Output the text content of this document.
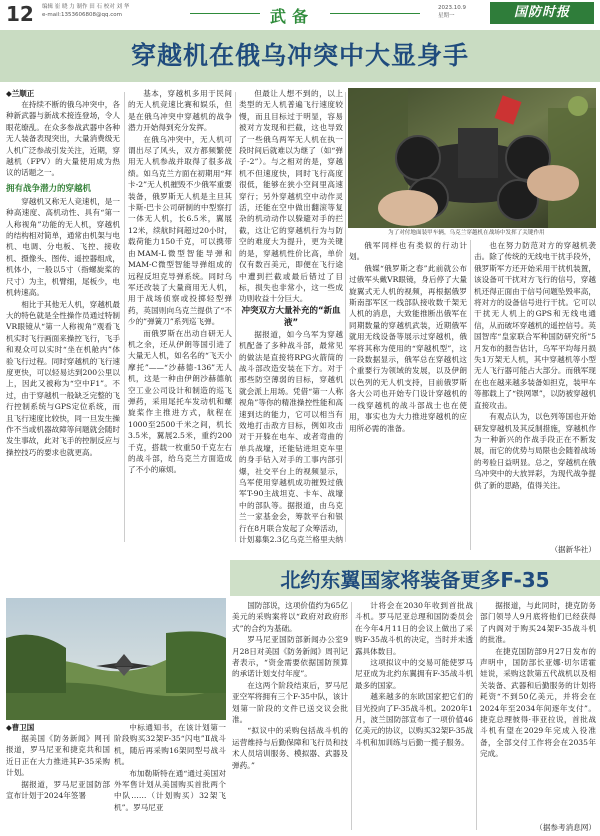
12 编辑 崔 晓 力 制作 田 石 校对 刘 华
e-mail:1353606808@qq.com	武备	2023.10.9
星期一	国防时报
穿越机在俄乌冲突中大显身手
◆兰顺正

在持续不断的俄乌冲突中，各种新武器与新战术接连登场，令人眼花缭乱。在众多参战武器中各种无人装备表现突出，大量消费级无人机广泛参战引发关注，近期，穿越机（FPV）的大量使用成为热议的话题之一。

拥有战争潜力的穿越机

穿越机又称无人竞速机，是一种高速度、高机动性、具有“第一人称视角”功能的无人机，穿越机的结构相对简单，通常由机架与电机、电调、分电板、飞控、接收机、摄像头、图传、遥控器组成，机体小，一般以5寸（指螺旋桨的尺寸）为主，机臂细，尾板少，电机转速高。

相比于其他无人机，穿越机最大的特色就是全性操作员通过特制VR眼镜从“第一人称视角”观看飞机实时飞行画面来操控飞行，飞手和观众可以实时“坐在机舱内”体验飞行过程。同时穿越机的飞行速度更快，可以轻易达到200公里以上，因此又被称为“空中F1”。不过，由于穿越机一般缺乏完整的飞行控制系统与GPS定位系统，而且飞行速度比较快，同一旦发生操作不当或机器故障等问题就会随时发生事故，此对飞手的控制反应与操控技巧的要求也就更高。

基本，穿越机多用于民间的无人机竞速比赛和娱乐，但是在俄乌冲突中穿越机的战争潜力开始得到充分发挥。

在俄乌冲突中，无人机可谓出尽了风头，双方都频繁使用无人机参战并取得了很多战绩。如乌克兰方面在初期用“拜卡-2”无人机摧毁不少俄军重要装备，俄罗斯无人机是主旦其卡斯-巴卡公司研制的中型察打一体无人机，长6.5米，翼展12米，续航时间超过20小时，载荷能力150千克，可以携带由MAM-L微型智能导弹和MAM-C微型智能导弹组成的远程反坦克导弹系统。同时乌军还改装了大量商用无人机，用于战场侦察或投掷轻型弹药，英国则向乌克兰提供了“不少的”弹簧刀”系列巡飞弹。

而俄罗斯在出动自研无人机之余，还从伊朗等国引进了大量无人机，如名名的“飞天小摩托”——“沙赫德-136”无人机，这是一种由伊朗沙赫德航空工业公司设计和制造的巡飞弹药，采用尾托车发动机和螺旋桨作主推进方式，航程在1000至2500千米之间，机长3.5米，翼展2.5米，重约200千克，搭载一枚重50千克左右的战斗部，给乌克兰方面造成了不小的麻烦。

但最让人想不到的，以上类型的无人机普遍飞行速度较慢，而且目标过于明显，容易被对方发现和拦截，这也导致了一些俄乌两军无人机在执一段时间后就难以为继了（如“弹子-2”）。与之相对的是，穿越机不但速度快，同时飞行高度很低，能够在狭小空间里高速穿行；另外穿越机空中动作灵活，还能在空中做出翻滚等复杂的机动动作以躲避对手的拦截，这让它的穿越机行为与防空的难度大为提升，更为关键的是，穿越机性价比高，单价仅有数百美元，即便在飞行途中遭到拦截或最后错过了目标，损失也非常小，这一些成功则收益十分巨大。

冲突双方大量补充的“新血液”

据报道，如今乌军为穿越机配备了多种战斗部，最常见的做法是直接将RPG火箭筒的战斗部改造安装在下方。对于那些防空薄弱的目标，穿越机就会派上用场。凭借“第一人称视角”等你的精准操控性能和高速到达的能力，它可以相当有效地打击敌方目标，例如攻击对于开躲在电车、或者弯曲的单兵战壕，还能钻进坦克车里的身手钻入对手的工事内部引爆，社交平台上的视频显示，乌军使用穿越机成功摧毁过俄军T-90主战坦克、卡车、战壕中的部队等。据报道，由乌克兰一家基金会，筹款平台和银行在8月联合发起了众筹活动，计划募集2.3亿乌克兰格里夫纳

为了对付地面装甲车辆，乌克兰穿越机在战场中发挥了关键作用

俄军同样也有类似的行动计划。

俄媒“俄罗斯之春”此前就公布过俄军头戴VR眼镜，身后停了大量旋翼式无人机的视频，再根据俄罗斯南部军区一线部队接收数千架无人机的消息，大致能推断出俄军在同期数量的穿越机武装，近期俄军就用无线设备等展示过穿越机，俄军将其称为使用的“穿越机型”，这一段数据显示，俄军总在穿越机这个重要行为领域的发展，以及伊朗以色列的无人机支持，目前俄罗斯各大公司也开始专门设计穿越机的一线穿越机的战斗部战士也在使用，事实也为大力推进穿越机的应用所必需的准备。

也在努力防范对方的穿越机袭击。除了传统的无线电干扰手段外，俄罗斯军方还开始采用干扰机装置，该设备可干扰对方飞行的信号，穿越机还得正面由于信号问题坠毁率高，将对方的设备信号进行干扰。它可以干扰无人机上的GPS和无线电通信，从而破坏穿越机的遥控信号。英国智库“皇家联合军种国防研究所”5月发布的报告估计，乌军平均每月损失1万架无人机，其中穿越机等小型无人飞行器可能占大部分。而俄军现在也在越来越多装备如担克，装甲车等都载上了“铁网罩”，以防被穿越机直接攻击。

有观点认为，以色列等国也开始研发穿越机及其反制措施，穿越机作为一种新兴的作战手段正在不断发展，而它的优势与局限也会随着战场的考验日益明显。总之，穿越机在俄乌冲突中的大放异彩，为现代战争提供了新的思路，值得关注。

（据新华社）
北约东翼国家将装备更多F-35
◆曹卫国

据美国《防务新闻》网刊报道，罗马尼亚和捷克共和国近日正在大力推进其F-35采购计划。

据报道，罗马尼亚国防部宣布计划于2024年签署

中标通知书，在该计划第一阶段购买32架F-35“闪电”Ⅱ战斗机，随后再采购16架同型号战斗机。

布加勒斯特在通“通过美国对外军售计划从美国购买首批两个中队……（计划购买）32架飞机”。罗马尼亚

国防部说，这项价值约为65亿美元的采购案将以“政府对政府形式”的合约为基础。

罗马尼亚国防部新闻办公室9月28日对美国《防务新闻》周刊记者表示，“资金需要依据国防预算的承诺计划支付年度”。

在这两个阶段结束后，罗马尼亚空军将拥有三个F-35中队，该计划第一阶段的文件已送交议会批准。

“拟议中的采购包括战斗机的运营维持与后勤保障和飞行员和技术人员培训服务、模拟器、武器及弹药。”

计将会在2030年收到首批战斗机。罗马尼亚总理和国防委员会在今年4月11日的会议上做出了采购F-35战斗机的决定，当时并未透露具体数目。

这项拟议中的交易可能使罗马尼亚成为北约东翼拥有F-35战斗机最多的国家。

越来越多的东欧国家把它们的目光投向了F-35战斗机。2020年1月，波兰国防部宣布了一项价值46亿美元的协议，以购买32架F-35战斗机和加训练与后勤一揽子服务。

据报道，与此同时，捷克防务部门领导人9月底将他们已经获得了内阁对于购买24架F-35战斗机的批准。

在捷克国防部9月27日发布的声明中，国防部长亚娜·切尔诺霍娃说，采购这款第五代战机以及相关装备、武器和后勤服务的计划将耗资“不到50亿美元，并将会在2024年至2034年间逐年支付”。捷克总理彼得·菲亚拉说，首批战斗机有望在2029年完成入役准备，全部交付工作将会在2035年完成。

（据参考消息网）
